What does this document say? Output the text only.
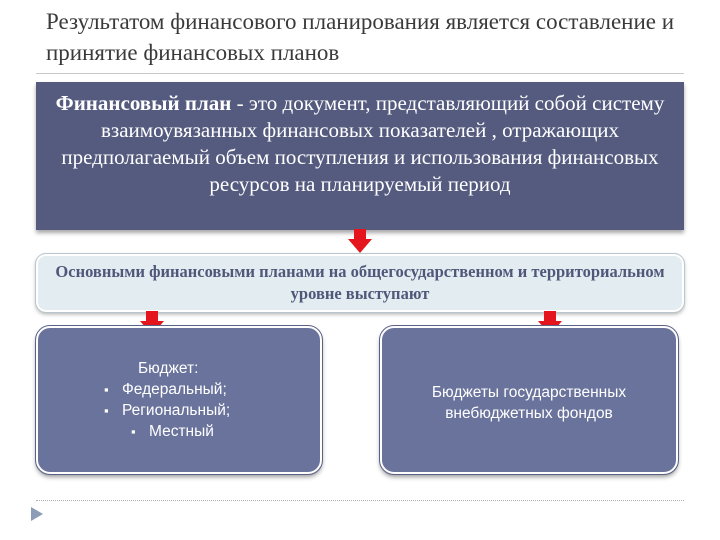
Результатом финансового планирования является составление и принятие финансовых планов
Финансовый план - это документ, представляющий собой систему взаимоувязанных финансовых показателей , отражающих предполагаемый объем поступления и использования финансовых ресурсов на планируемый период
Основными финансовыми планами на общегосударственном и территориальном уровне выступают
Бюджет:
▪ Федеральный;
▪ Региональный;
▪ Местный
Бюджеты государственных внебюджетных фондов
